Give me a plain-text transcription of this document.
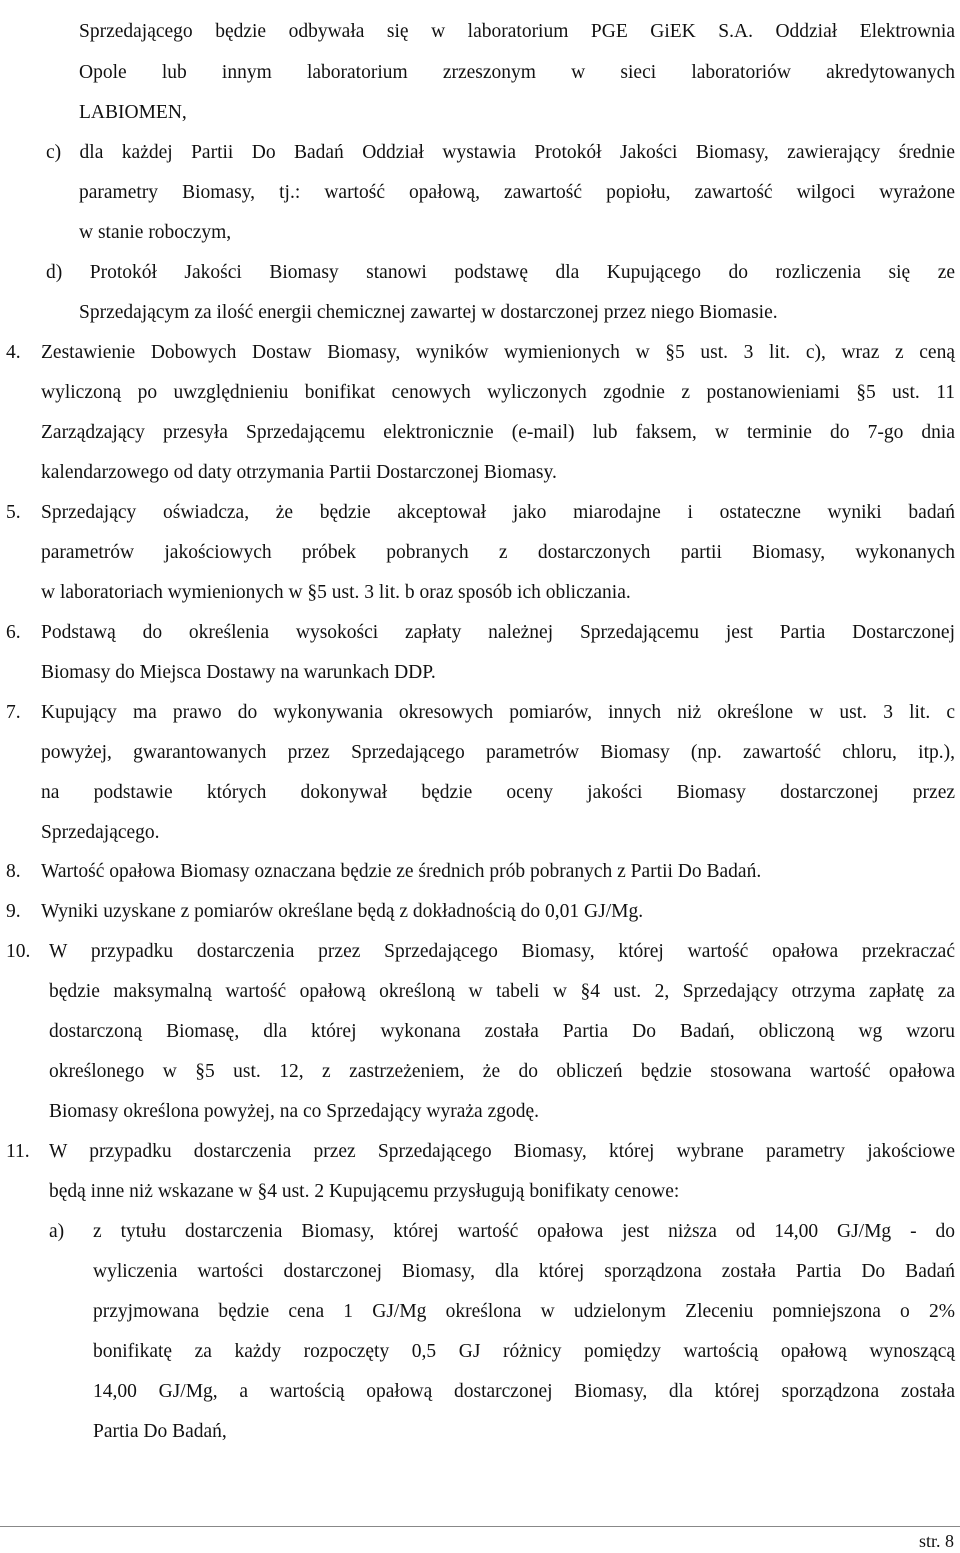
Sprzedającego będzie odbywała się w laboratorium PGE GiEK S.A. Oddział Elektrownia
Opole lub innym laboratorium zrzeszonym w sieci laboratoriów akredytowanych
LABIOMEN,
c) dla każdej Partii Do Badań Oddział wystawia Protokół Jakości Biomasy, zawierający średnie
parametry Biomasy, tj.: wartość opałową, zawartość popiołu, zawartość wilgoci wyrażone
w stanie roboczym,
d) Protokół Jakości Biomasy stanowi podstawę dla Kupującego do rozliczenia się ze
Sprzedającym za ilość energii chemicznej zawartej w dostarczonej przez niego Biomasie.
4. Zestawienie Dobowych Dostaw Biomasy, wyników wymienionych w §5 ust. 3 lit. c), wraz z ceną
wyliczoną po uwzględnieniu bonifikat cenowych wyliczonych zgodnie z postanowieniami §5 ust. 11
Zarządzający przesyła Sprzedającemu elektronicznie (e-mail) lub faksem, w terminie do 7-go dnia
kalendarzowego od daty otrzymania Partii Dostarczonej Biomasy.
5. Sprzedający oświadcza, że będzie akceptował jako miarodajne i ostateczne wyniki badań
parametrów jakościowych próbek pobranych z dostarczonych partii Biomasy, wykonanych
w laboratoriach wymienionych w §5 ust. 3 lit. b oraz sposób ich obliczania.
6. Podstawą do określenia wysokości zapłaty należnej Sprzedającemu jest Partia Dostarczonej
Biomasy do Miejsca Dostawy na warunkach DDP.
7. Kupujący ma prawo do wykonywania okresowych pomiarów, innych niż określone w ust. 3 lit. c
powyżej, gwarantowanych przez Sprzedającego parametrów Biomasy (np. zawartość chloru, itp.),
na podstawie których dokonywał będzie oceny jakości Biomasy dostarczonej przez
Sprzedającego.
8. Wartość opałowa Biomasy oznaczana będzie ze średnich prób pobranych z Partii Do Badań.
9. Wyniki uzyskane z pomiarów określane będą z dokładnością do 0,01 GJ/Mg.
10. W przypadku dostarczenia przez Sprzedającego Biomasy, której wartość opałowa przekraczać
będzie maksymalną wartość opałową określoną w tabeli w §4 ust. 2, Sprzedający otrzyma zapłatę za
dostarczoną Biomasę, dla której wykonana została Partia Do Badań, obliczoną wg wzoru
określonego w §5 ust. 12, z zastrzeżeniem, że do obliczeń będzie stosowana wartość opałowa
Biomasy określona powyżej, na co Sprzedający wyraża zgodę.
11. W przypadku dostarczenia przez Sprzedającego Biomasy, której wybrane parametry jakościowe
będą inne niż wskazane w §4 ust. 2 Kupującemu przysługują bonifikaty cenowe:
a) z tytułu dostarczenia Biomasy, której wartość opałowa jest niższa od 14,00 GJ/Mg - do
wyliczenia wartości dostarczonej Biomasy, dla której sporządzona została Partia Do Badań
przyjmowana będzie cena 1 GJ/Mg określona w udzielonym Zleceniu pomniejszona o 2%
bonifikatę za każdy rozpoczęty 0,5 GJ różnicy pomiędzy wartością opałową wynoszącą
14,00 GJ/Mg, a wartością opałową dostarczonej Biomasy, dla której sporządzona została
Partia Do Badań,
str. 8
